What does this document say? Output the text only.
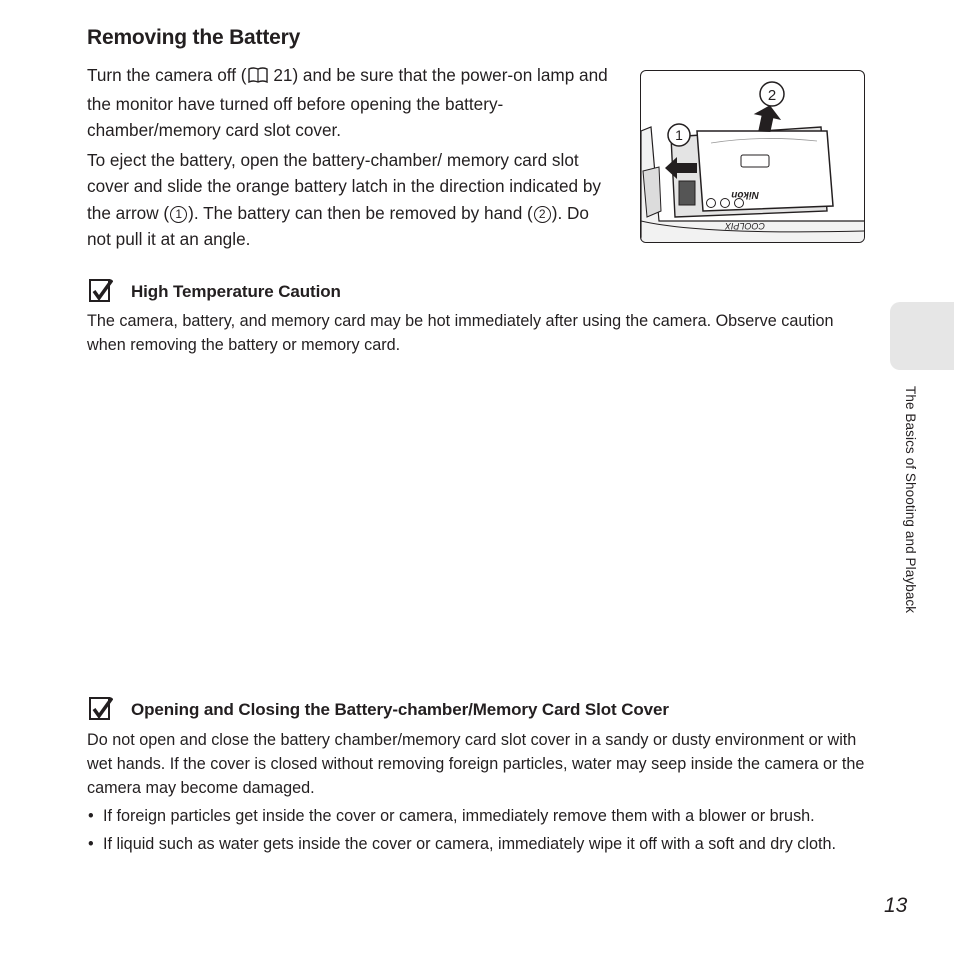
Removing the Battery

Turn the camera off ( 21) and be sure that the power-on lamp and the monitor have turned off before opening the battery-chamber/memory card slot cover.

To eject the battery, open the battery-chamber/ memory card slot cover and slide the orange battery latch in the direction indicated by the arrow ( 1 ). The battery can then be removed by hand ( 2 ). Do not pull it at an angle.

Nikon
1
2
COOLPIX
High Temperature Caution

The camera, battery, and memory card may be hot immediately after using the camera. Observe caution when removing the battery or memory card.

Opening and Closing the Battery-chamber/Memory Card Slot Cover

Do not open and close the battery chamber/memory card slot cover in a sandy or dusty environment or with wet hands. If the cover is closed without removing foreign particles, water may seep inside the camera or the camera may become damaged.

• If foreign particles get inside the cover or camera, immediately remove them with a blower or brush.
• If liquid such as water gets inside the cover or camera, immediately wipe it off with a soft and dry cloth.
The Basics of Shooting and Playback
13
